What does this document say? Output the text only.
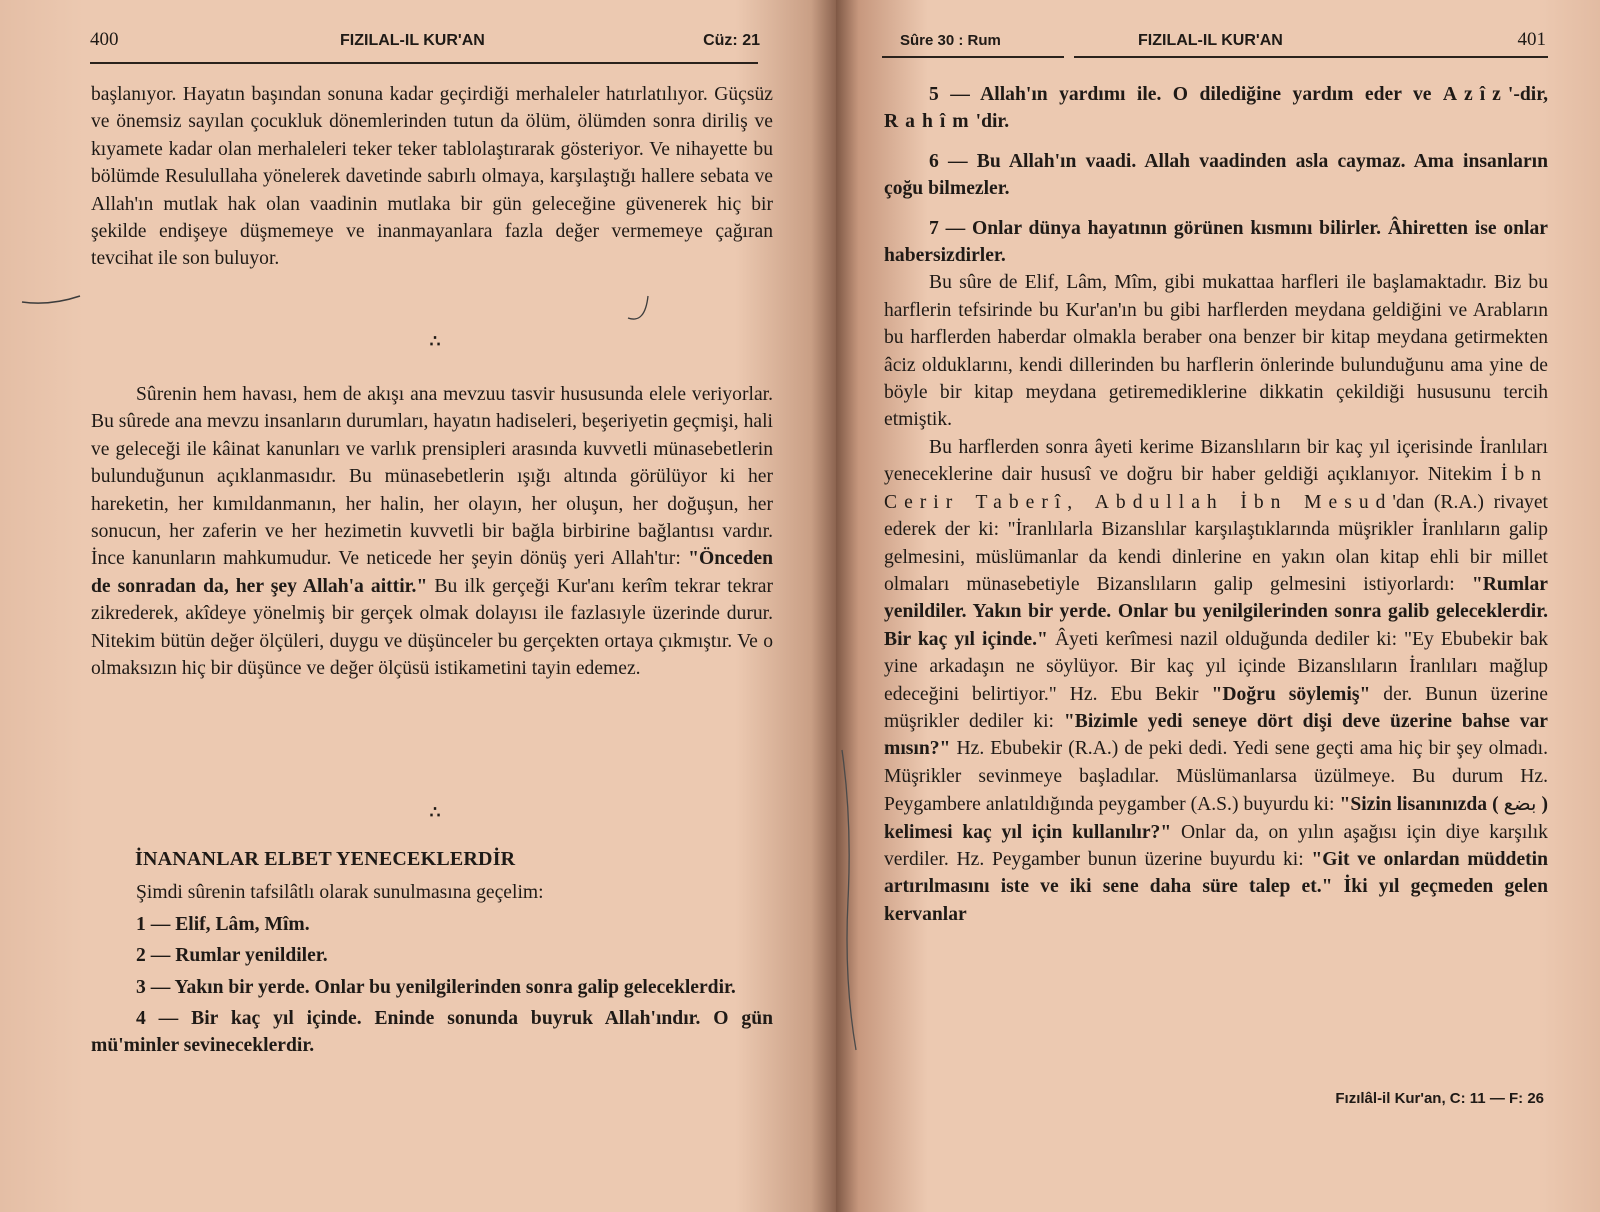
400	FIZILAL-IL KUR'AN	Cüz: 21

başlanıyor. Hayatın başından sonuna kadar geçirdiği merhaleler hatırlatılıyor. Güçsüz ve önemsiz sayılan çocukluk dönemlerinden tutun da ölüm, ölümden sonra diriliş ve kıyamete kadar olan merhaleleri teker teker tablolaştırarak gösteriyor. Ve nihayette bu bölümde Resulullaha yönelerek davetinde sabırlı olmaya, karşılaştığı hallere sebata ve Allah'ın mutlak hak olan vaadinin mutlaka bir gün geleceğine güvenerek hiç bir şekilde endişeye düşmemeye ve inanmayanlara fazla değer vermemeye çağıran tevcihat ile son buluyor.

∴

Sûrenin hem havası, hem de akışı ana mevzuu tasvir hususunda elele veriyorlar. Bu sûrede ana mevzu insanların durumları, hayatın hadiseleri, beşeriyetin geçmişi, hali ve geleceği ile kâinat kanunları ve varlık prensipleri arasında kuvvetli münasebetlerin bulunduğunun açıklanmasıdır. Bu münasebetlerin ışığı altında görülüyor ki her hareketin, her kımıldanmanın, her halin, her olayın, her oluşun, her doğuşun, her sonucun, her zaferin ve her hezimetin kuvvetli bir bağla birbirine bağlantısı vardır. İnce kanunların mahkumudur. Ve neticede her şeyin dönüş yeri Allah'tır: "Önceden de sonradan da, her şey Allah'a aittir." Bu ilk gerçeği Kur'anı kerîm tekrar tekrar zikrederek, akîdeye yönelmiş bir gerçek olmak dolayısı ile fazlasıyle üzerinde durur. Nitekim bütün değer ölçüleri, duygu ve düşünceler bu gerçekten ortaya çıkmıştır. Ve o olmaksızın hiç bir düşünce ve değer ölçüsü istikametini tayin edemez.

∴

İNANANLAR ELBET YENECEKLERDİR

Şimdi sûrenin tafsilâtlı olarak sunulmasına geçelim:

1 — Elif, Lâm, Mîm.

2 — Rumlar yenildiler.

3 — Yakın bir yerde. Onlar bu yenilgilerinden sonra galip geleceklerdir.

4 — Bir kaç yıl içinde. Eninde sonunda buyruk Allah'ındır. O gün mü'minler sevineceklerdir.

Sûre 30 : Rum	FIZILAL-IL KUR'AN	401

5 — Allah'ın yardımı ile. O dilediğine yardım eder ve Azîz'-dir, Rahîm'dir.

6 — Bu Allah'ın vaadi. Allah vaadinden asla caymaz. Ama insanların çoğu bilmezler.

7 — Onlar dünya hayatının görünen kısmını bilirler. Âhiretten ise onlar habersizdirler.

Bu sûre de Elif, Lâm, Mîm, gibi mukattaa harfleri ile başlamaktadır. Biz bu harflerin tefsirinde bu Kur'an'ın bu gibi harflerden meydana geldiğini ve Arabların bu harflerden haberdar olmakla beraber ona benzer bir kitap meydana getirmekten âciz olduklarını, kendi dillerinden bu harflerin önlerinde bulunduğunu ama yine de böyle bir kitap meydana getiremediklerine dikkatin çekildiği hususunu tercih etmiştik.

Bu harflerden sonra âyeti kerime Bizanslıların bir kaç yıl içerisinde İranlıları yeneceklerine dair hususî ve doğru bir haber geldiği açıklanıyor. Nitekim İbn Cerir Taberî, Abdullah İbn Mesud'dan (R.A.) rivayet ederek der ki: "İranlılarla Bizanslılar karşılaştıklarında müşrikler İranlıların galip gelmesini, müslümanlar da kendi dinlerine en yakın olan kitap ehli bir millet olmaları münasebetiyle Bizanslıların galip gelmesini istiyorlardı: "Rumlar yenildiler. Yakın bir yerde. Onlar bu yenilgilerinden sonra galib geleceklerdir. Bir kaç yıl içinde." Âyeti kerîmesi nazil olduğunda dediler ki: "Ey Ebubekir bak yine arkadaşın ne söylüyor. Bir kaç yıl içinde Bizanslıların İranlıları mağlup edeceğini belirtiyor." Hz. Ebu Bekir "Doğru söylemiş" der. Bunun üzerine müşrikler dediler ki: "Bizimle yedi seneye dört dişi deve üzerine bahse var mısın?" Hz. Ebubekir (R.A.) de peki dedi. Yedi sene geçti ama hiç bir şey olmadı. Müşrikler sevinmeye başladılar. Müslümanlarsa üzülmeye. Bu durum Hz. Peygambere anlatıldığında peygamber (A.S.) buyurdu ki: "Sizin lisanınızda ( بضع ) kelimesi kaç yıl için kullanılır?" Onlar da, on yılın aşağısı için diye karşılık verdiler. Hz. Peygamber bunun üzerine buyurdu ki: "Git ve onlardan müddetin artırılmasını iste ve iki sene daha süre talep et." İki yıl geçmeden gelen kervanlar

Fızılâl-il Kur'an, C: 11 — F: 26
